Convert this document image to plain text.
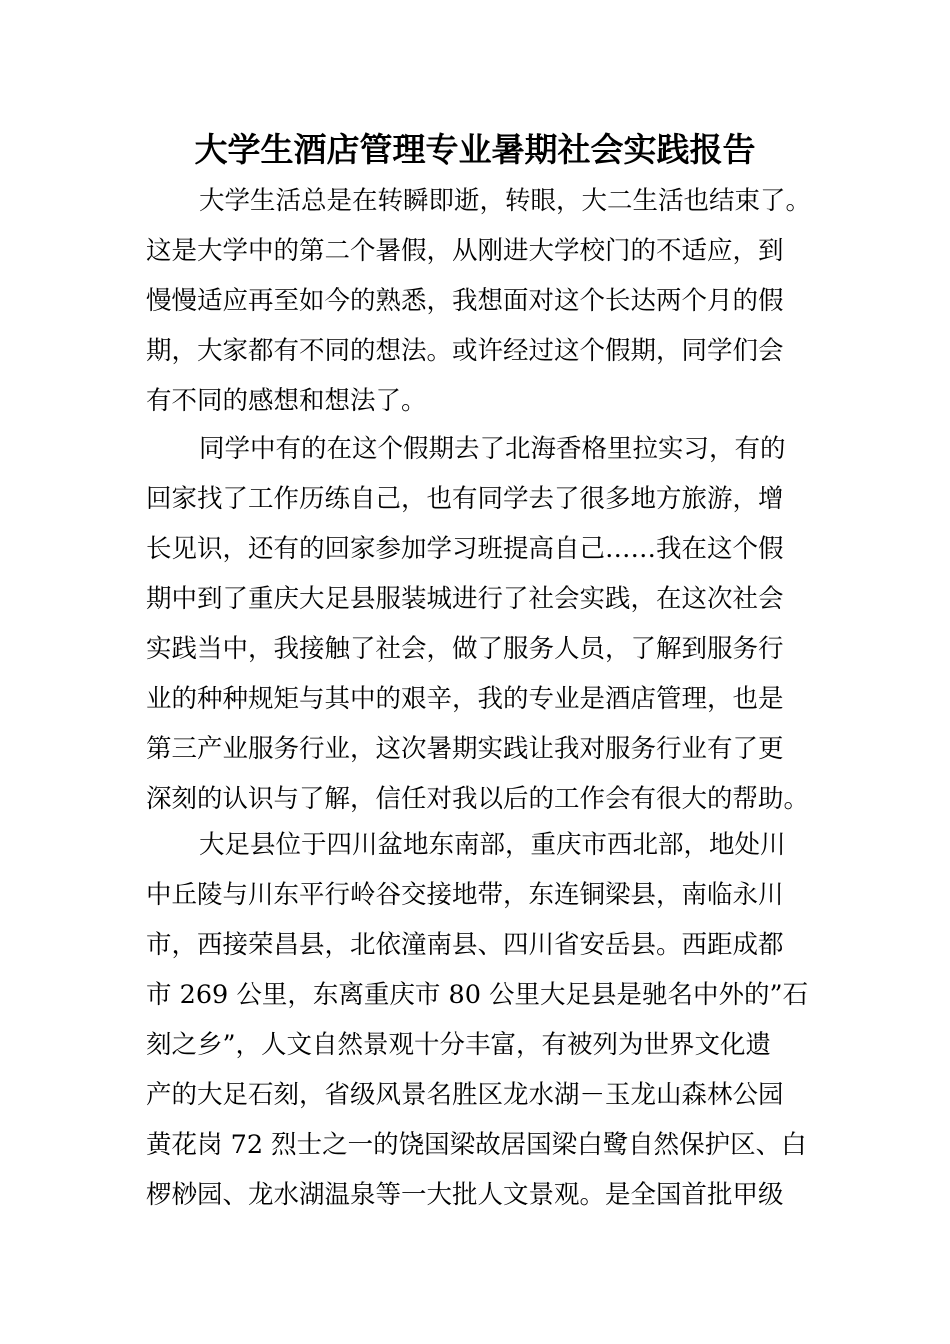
大学生酒店管理专业暑期社会实践报告
大学生活总是在转瞬即逝，转眼，大二生活也结束了。
这是大学中的第二个暑假，从刚进大学校门的不适应，到
慢慢适应再至如今的熟悉，我想面对这个长达两个月的假
期，大家都有不同的想法。或许经过这个假期，同学们会
有不同的感想和想法了。
同学中有的在这个假期去了北海香格里拉实习，有的
回家找了工作历练自己，也有同学去了很多地方旅游，增
长见识，还有的回家参加学习班提高自己……我在这个假
期中到了重庆大足县服装城进行了社会实践，在这次社会
实践当中，我接触了社会，做了服务人员，了解到服务行
业的种种规矩与其中的艰辛，我的专业是酒店管理，也是
第三产业服务行业，这次暑期实践让我对服务行业有了更
深刻的认识与了解，信任对我以后的工作会有很大的帮助。
大足县位于四川盆地东南部，重庆市西北部，地处川
中丘陵与川东平行岭谷交接地带，东连铜梁县，南临永川
市，西接荣昌县，北依潼南县、四川省安岳县。西距成都
市 269 公里，东离重庆市 80 公里大足县是驰名中外的”石
刻之乡”，人文自然景观十分丰富，有被列为世界文化遗
产的大足石刻，省级风景名胜区龙水湖－玉龙山森林公园
黄花岗 72 烈士之一的饶国梁故居国梁白鹭自然保护区、白
椤桫园、龙水湖温泉等一大批人文景观。是全国首批甲级
